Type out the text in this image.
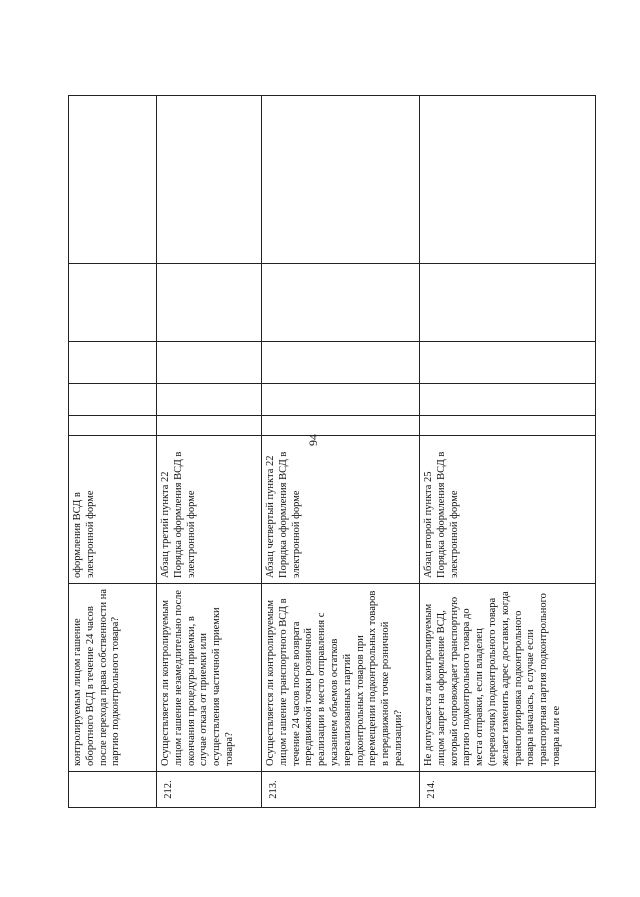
94
	контролируемым лицом гашение оборотного ВСД в течение 24 часов после перехода права собственности на партию подконтрольного товара?	оформления ВСД в электронной форме					
212.	Осуществляется ли контролируемым лицом гашение незамедлительно после окончания процедуры приемки, в случае отказа от приемки или осуществления частичной приемки товара?	Абзац третий пункта 22 Порядка оформления ВСД в электронной форме					
213.	Осуществляется ли контролируемым лицом гашение транспортного ВСД в течение 24 часов после возврата передвижной точки розничной реализации в место отправления с указанием объемов остатков нереализованных партий подконтрольных товаров при перемещении подконтрольных товаров в передвижной точке розничной реализации?	Абзац четвертый пункта 22 Порядка оформления ВСД в электронной форме					
214.	Не допускается ли контролируемым лицом запрет на оформление ВСД, который сопровождает транспортную партию подконтрольного товара до места отправки, если владелец (перевозчик) подконтрольного товара желает изменить адрес доставки, когда транспортировка подконтрольного товара началась, в случае если транспортная партия подконтрольного товара или ее	Абзац второй пункта 25 Порядка оформления ВСД в электронной форме					
